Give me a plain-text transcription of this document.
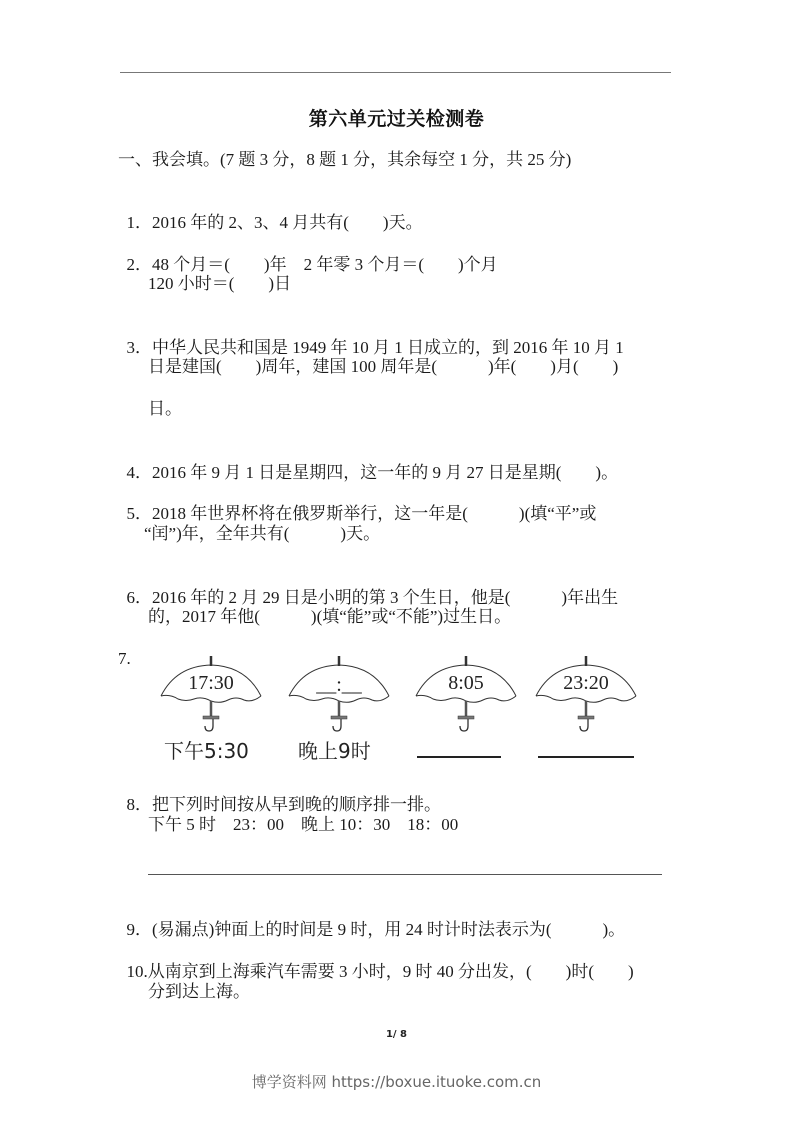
第六单元过关检测卷
一、我会填。(7 题 3 分，8 题 1 分，其余每空 1 分，共 25 分)

1．2016 年的 2、3、4 月共有(　　)天。

2．48 个月＝(　　)年　2 年零 3 个月＝(　　)个月

120 小时＝(　　)日

3．中华人民共和国是 1949 年 10 月 1 日成立的，到 2016 年 10 月 1

日是建国(　　)周年，建国 100 周年是(　　　)年(　　)月(　　)
日。

4．2016 年 9 月 1 日是星期四，这一年的 9 月 27 日是星期(　　)。

5．2018 年世界杯将在俄罗斯举行，这一年是(　　　)(填“平”或

“闰”)年，全年共有(　　　)天。

6．2016 年的 2 月 29 日是小明的第 3 个生日，他是(　　　)年出生

的，2017 年他(　　　)(填“能”或“不能”)过生日。
7.
17:30
下午5:30
__:__
晚上9时
8:05	23:20

8．把下列时间按从早到晚的顺序排一排。

下午 5 时　23：00　晚上 10：30　18：00

9．(易漏点)钟面上的时间是 9 时，用 24 时计时法表示为(　　　)。

10.从南京到上海乘汽车需要 3 小时，9 时 40 分出发，(　　)时(　　)

分到达上海。
1/ 8
博学资料网 https://boxue.ituoke.com.cn
